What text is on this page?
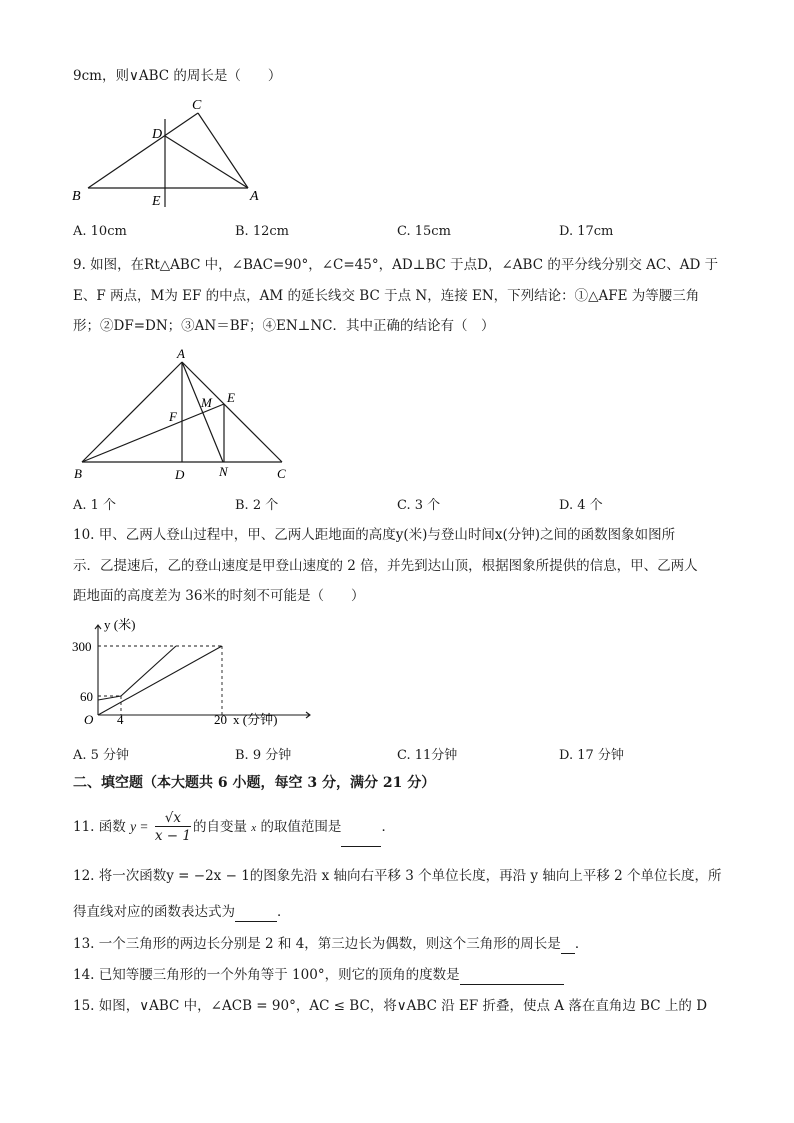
9cm，则∨ABC 的周长是（　　）
B	E	A
D
C
A. 10cm	B. 12cm	C. 15cm	D. 17cm
9. 如图，在Rt△ABC 中，∠BAC=90°，∠C=45°，AD⊥BC 于点D，∠ABC 的平分线分别交 AC、AD 于
E、F 两点，M为 EF 的中点，AM 的延长线交 BC 于点 N，连接 EN，下列结论：①△AFE 为等腰三角
形；②DF=DN；③AN＝BF；④EN⊥NC．其中正确的结论有（　）
A
B	C
D
E
F
M
N
A. 1 个	B. 2 个	C. 3 个	D. 4 个
10. 甲、乙两人登山过程中，甲、乙两人距地面的高度y(米)与登山时间x(分钟)之间的函数图象如图所
示．乙提速后，乙的登山速度是甲登山速度的 2 倍，并先到达山顶，根据图象所提供的信息，甲、乙两人
距地面的高度差为 36米的时刻不可能是（　　）
y (米)
300
60
O 4	20 x (分钟)
A. 5 分钟	B. 9 分钟	C. 11分钟	D. 17 分钟
二、填空题（本大题共 6 小题，每空 3 分，满分 21 分）
11. 函数 $y = \frac{√x}{x - 1}$ 的自变量 x 的取值范围是	．
12. 将一次函数y = −2x − 1的图象先沿 x 轴向右平移 3 个单位长度，再沿 y 轴向上平移 2 个单位长度，所
得直线对应的函数表达式为	．
13. 一个三角形的两边长分别是 2 和 4，第三边长为偶数，则这个三角形的周长是 ．
14. 已知等腰三角形的一个外角等于 100°，则它的顶角的度数是
15. 如图，∨ABC 中，∠ACB = 90°，AC ≤ BC，将∨ABC 沿 EF 折叠，使点 A 落在直角边 BC 上的 D
